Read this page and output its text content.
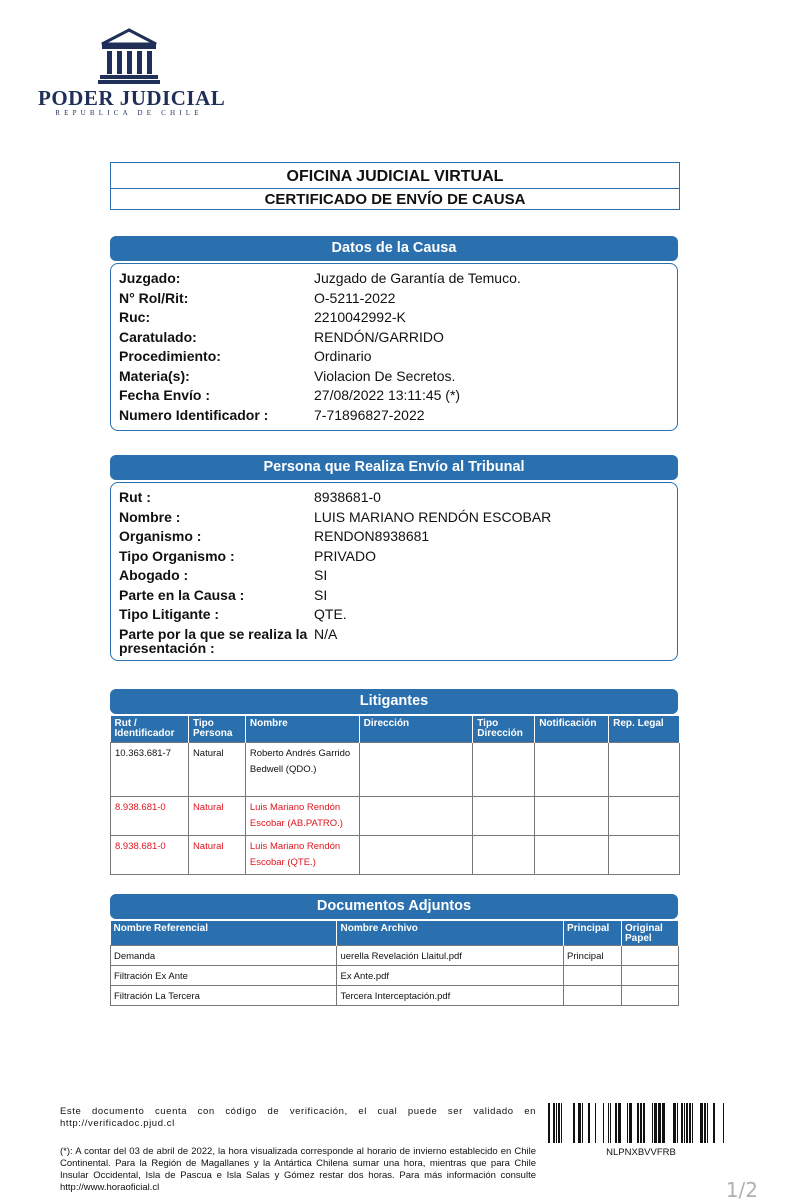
PODER JUDICIAL
REPUBLICA DE CHILE
OFICINA JUDICIAL VIRTUAL
CERTIFICADO DE ENVÍO DE CAUSA
Datos de la Causa
Juzgado:	Juzgado de Garantía de Temuco.
N° Rol/Rit:	O-5211-2022
Ruc:	2210042992-K
Caratulado:	RENDÓN/GARRIDO
Procedimiento:	Ordinario
Materia(s):	Violacion De Secretos.
Fecha Envío :	27/08/2022 13:11:45 (*)
Numero Identificador :	7-71896827-2022
Persona que Realiza Envío al Tribunal
Rut :	8938681-0
Nombre :	LUIS MARIANO RENDÓN ESCOBAR
Organismo :	RENDON8938681
Tipo Organismo :	PRIVADO
Abogado :	SI
Parte en la Causa :	SI
Tipo Litigante :	QTE.
Parte por la que se realiza la presentación :
N/A
Litigantes
Rut / Identificador	Tipo Persona	Nombre	Dirección	Tipo Dirección	Notificación	Rep. Legal
10.363.681-7	Natural	Roberto Andrés Garrido Bedwell (QDO.)				
8.938.681-0	Natural	Luis Mariano Rendón Escobar (AB.PATRO.)				
8.938.681-0	Natural	Luis Mariano Rendón Escobar (QTE.)				
Documentos Adjuntos
Nombre Referencial	Nombre Archivo	Principal	Original Papel
Demanda	uerella Revelación Llaitul.pdf	Principal	
Filtración Ex Ante	Ex Ante.pdf		
Filtración La Tercera	Tercera Interceptación.pdf		
Este documento cuenta con código de verificación, el cual puede ser validado en http://verificadoc.pjud.cl
(*): A contar del 03 de abril de 2022, la hora visualizada corresponde al horario de invierno establecido en Chile Continental. Para la Región de Magallanes y la Antártica Chilena sumar una hora, mientras que para Chile Insular Occidental, Isla de Pascua e Isla Salas y Gómez restar dos horas. Para más información consulte http://www.horaoficial.cl
NLPNXBVVFRB
1/2
